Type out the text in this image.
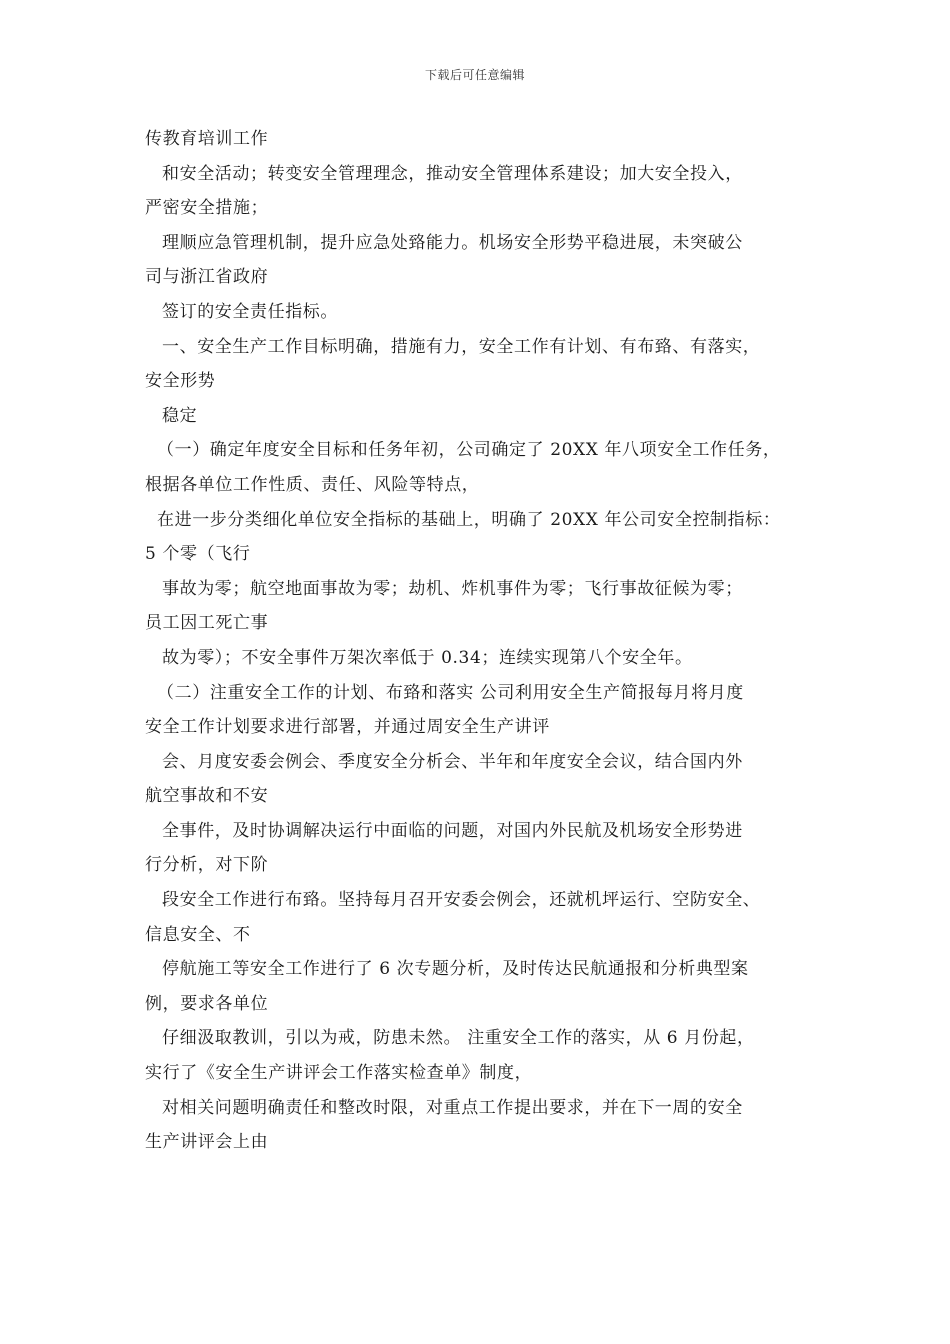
下载后可任意编辑
传教育培训工作
和安全活动；转变安全管理理念，推动安全管理体系建设；加大安全投入，
严密安全措施；
理顺应急管理机制，提升应急处臵能力。机场安全形势平稳进展，未突破公
司与浙江省政府
签订的安全责任指标。
一、安全生产工作目标明确，措施有力，安全工作有计划、有布臵、有落实，
安全形势
稳定
（一）确定年度安全目标和任务年初，公司确定了 20XX 年八项安全工作任务，
根据各单位工作性质、责任、风险等特点，
在进一步分类细化单位安全指标的基础上，明确了 20XX 年公司安全控制指标：
5 个零（飞行
事故为零；航空地面事故为零；劫机、炸机事件为零；飞行事故征候为零；
员工因工死亡事
故为零）；不安全事件万架次率低于 0.34；连续实现第八个安全年。
（二）注重安全工作的计划、布臵和落实 公司利用安全生产简报每月将月度
安全工作计划要求进行部署，并通过周安全生产讲评
会、月度安委会例会、季度安全分析会、半年和年度安全会议，结合国内外
航空事故和不安
全事件，及时协调解决运行中面临的问题，对国内外民航及机场安全形势进
行分析，对下阶
段安全工作进行布臵。坚持每月召开安委会例会，还就机坪运行、空防安全、
信息安全、不
停航施工等安全工作进行了 6 次专题分析，及时传达民航通报和分析典型案
例，要求各单位
仔细汲取教训，引以为戒，防患未然。 注重安全工作的落实，从 6 月份起，
实行了《安全生产讲评会工作落实检查单》制度，
对相关问题明确责任和整改时限，对重点工作提出要求，并在下一周的安全
生产讲评会上由
